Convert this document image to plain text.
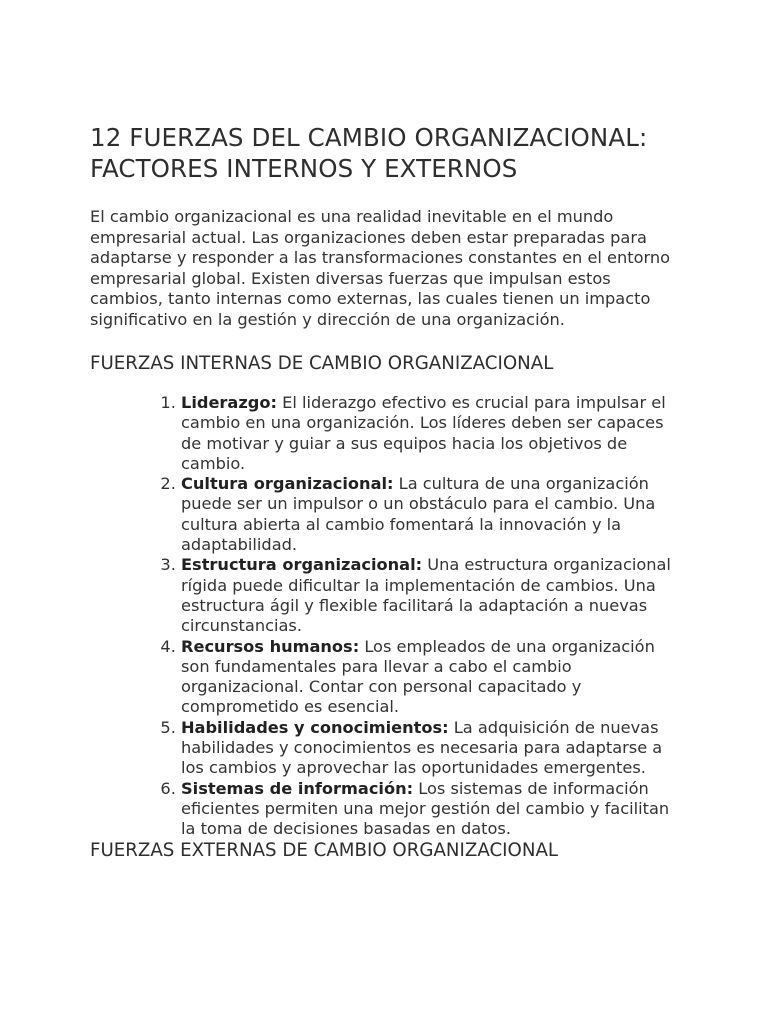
12 FUERZAS DEL CAMBIO ORGANIZACIONAL: FACTORES INTERNOS Y EXTERNOS

El cambio organizacional es una realidad inevitable en el mundo empresarial actual. Las organizaciones deben estar preparadas para adaptarse y responder a las transformaciones constantes en el entorno empresarial global. Existen diversas fuerzas que impulsan estos cambios, tanto internas como externas, las cuales tienen un impacto significativo en la gestión y dirección de una organización.

FUERZAS INTERNAS DE CAMBIO ORGANIZACIONAL
1. Liderazgo: El liderazgo efectivo es crucial para impulsar el cambio en una organización. Los líderes deben ser capaces de motivar y guiar a sus equipos hacia los objetivos de cambio.
2. Cultura organizacional: La cultura de una organización puede ser un impulsor o un obstáculo para el cambio. Una cultura abierta al cambio fomentará la innovación y la adaptabilidad.
3. Estructura organizacional: Una estructura organizacional rígida puede dificultar la implementación de cambios. Una estructura ágil y flexible facilitará la adaptación a nuevas circunstancias.
4. Recursos humanos: Los empleados de una organización son fundamentales para llevar a cabo el cambio organizacional. Contar con personal capacitado y comprometido es esencial.
5. Habilidades y conocimientos: La adquisición de nuevas habilidades y conocimientos es necesaria para adaptarse a los cambios y aprovechar las oportunidades emergentes.
6. Sistemas de información: Los sistemas de información eficientes permiten una mejor gestión del cambio y facilitan la toma de decisiones basadas en datos.
FUERZAS EXTERNAS DE CAMBIO ORGANIZACIONAL
